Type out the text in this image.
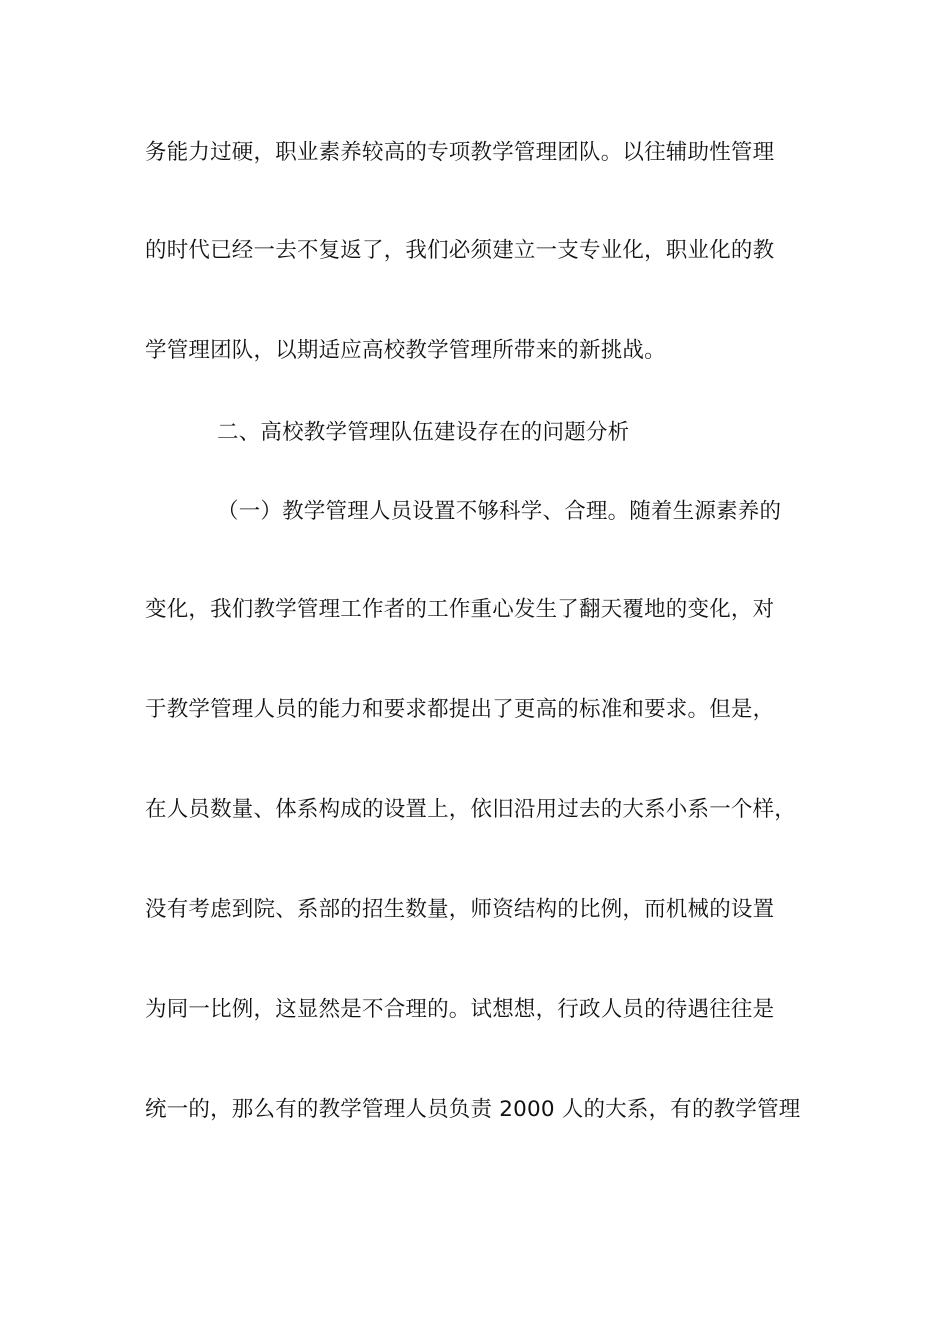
务能力过硬，职业素养较高的专项教学管理团队。以往辅助性管理
的时代已经一去不复返了，我们必须建立一支专业化，职业化的教
学管理团队，以期适应高校教学管理所带来的新挑战。
二、高校教学管理队伍建设存在的问题分析
（一）教学管理人员设置不够科学、合理。随着生源素养的
变化，我们教学管理工作者的工作重心发生了翻天覆地的变化，对
于教学管理人员的能力和要求都提出了更高的标准和要求。但是，
在人员数量、体系构成的设置上，依旧沿用过去的大系小系一个样，
没有考虑到院、系部的招生数量，师资结构的比例，而机械的设置
为同一比例，这显然是不合理的。试想想，行政人员的待遇往往是
统一的，那么有的教学管理人员负责 2000 人的大系，有的教学管理
